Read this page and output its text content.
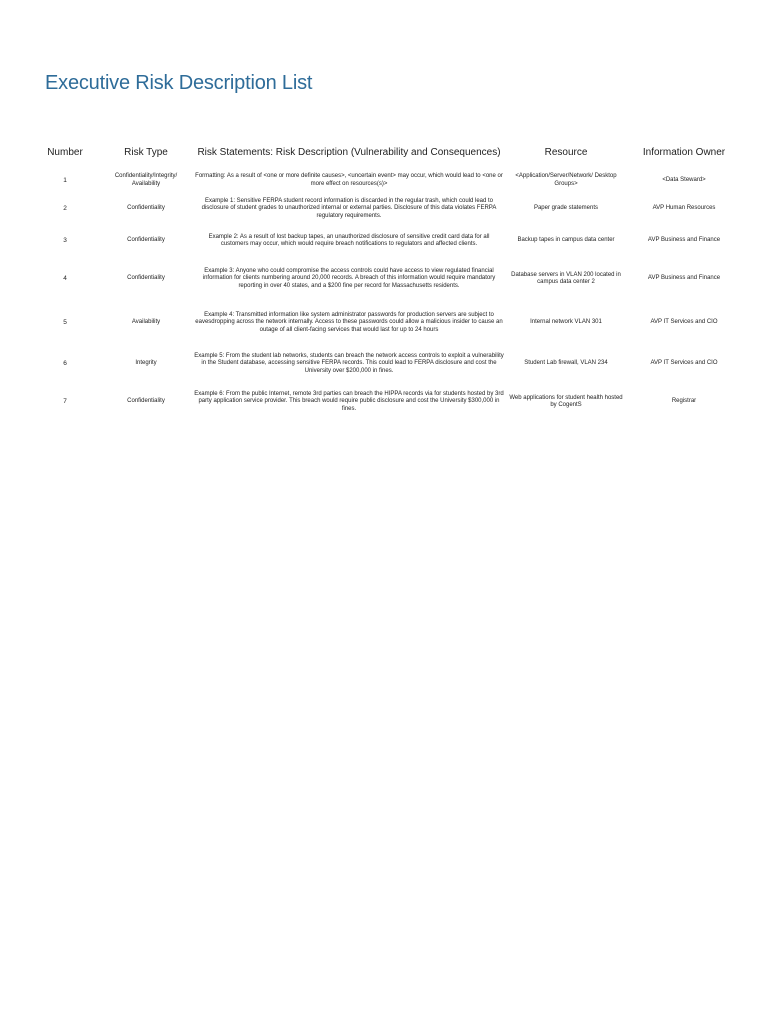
Executive Risk Description List
Number	Risk Type	Risk Statements: Risk Description (Vulnerability and Consequences)	Resource	Information Owner
1	Confidentiality/Integrity/ Availability	Formatting: As a result of <one or more definite causes>, <uncertain event> may occur, which would lead to <one or more effect on resources(s)>	<Application/Server/Network/ Desktop Groups>	<Data Steward>
2	Confidentiality	Example 1: Sensitive FERPA student record information is discarded in the regular trash, which could lead to disclosure of student grades to unauthorized internal or external parties. Disclosure of this data violates FERPA regulatory requirements.	Paper grade statements	AVP Human Resources
3	Confidentiality	Example 2: As a result of lost backup tapes, an unauthorized disclosure of sensitive credit card data for all customers may occur, which would require breach notifications to regulators and affected clients.	Backup tapes in campus data center	AVP Business and Finance
4	Confidentiality	Example 3: Anyone who could compromise the access controls could have access to view regulated financial information for clients numbering around 20,000 records. A breach of this information would require mandatory reporting in over 40 states, and a $200 fine per record for Massachusetts residents.	Database servers in VLAN 200 located in campus data center 2	AVP Business and Finance
5	Availability	Example 4: Transmitted information like system administrator passwords for production servers are subject to eavesdropping across the network internally. Access to these passwords could allow a malicious insider to cause an outage of all client-facing services that would last for up to 24 hours	Internal network VLAN 301	AVP IT Services and CIO
6	Integrity	Example 5: From the student lab networks, students can breach the network access controls to exploit a vulnerability in the Student database, accessing sensitive FERPA records. This could lead to FERPA disclosure and cost the University over $200,000 in fines.	Student Lab firewall, VLAN 234	AVP IT Services and CIO
7	Confidentiality	Example 6: From the public Internet, remote 3rd parties can breach the HIPPA records via for students hosted by 3rd party application service provider. This breach would require public disclosure and cost the University $300,000 in fines.	Web applications for student health hosted by CogentS	Registrar
